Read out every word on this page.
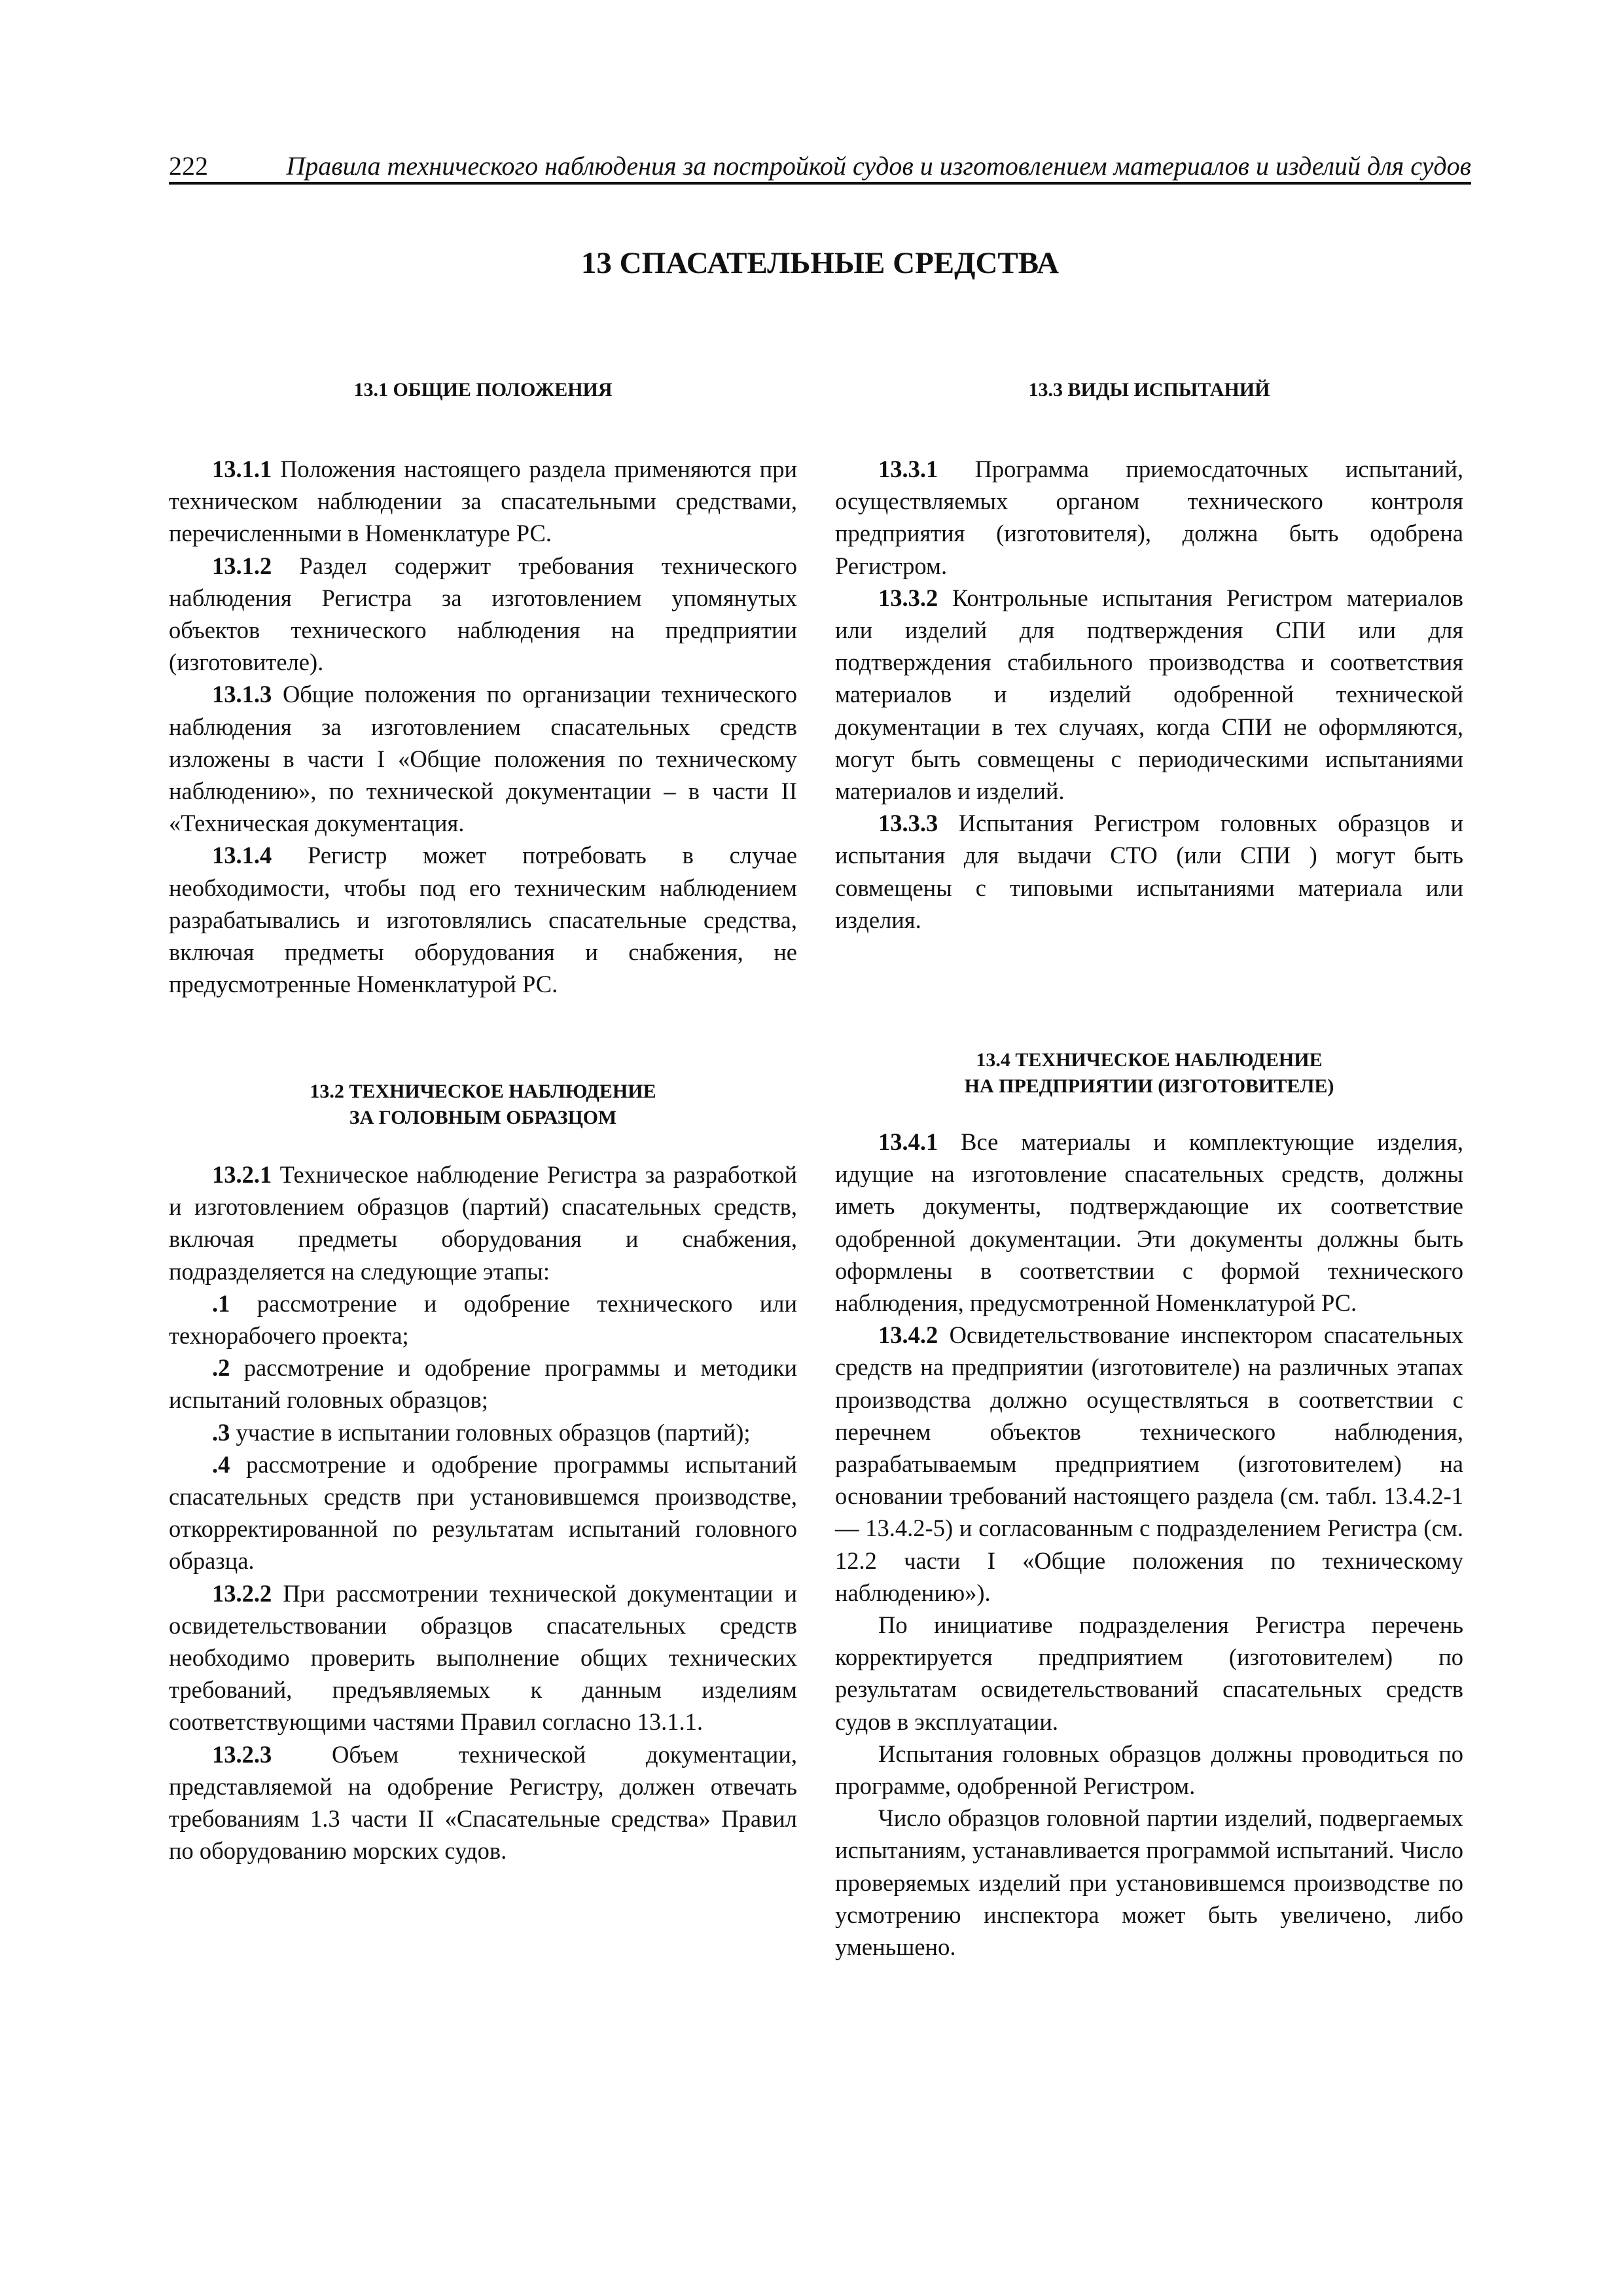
222	Правила технического наблюдения за постройкой судов и изготовлением материалов и изделий для судов
13 СПАСАТЕЛЬНЫЕ СРЕДСТВА
13.1 ОБЩИЕ ПОЛОЖЕНИЯ

13.1.1 Положения настоящего раздела применяются при техническом наблюдении за спасательными средствами, перечисленными в Номенклатуре РС.

13.1.2 Раздел содержит требования технического наблюдения Регистра за изготовлением упомянутых объектов технического наблюдения на предприятии (изготовителе).

13.1.3 Общие положения по организации технического наблюдения за изготовлением спасательных средств изложены в части I «Общие положения по техническому наблюдению», по технической документации – в части II «Техническая документация.

13.1.4 Регистр может потребовать в случае необходимости, чтобы под его техническим наблюдением разрабатывались и изготовлялись спасательные средства, включая предметы оборудования и снабжения, не предусмотренные Номенклатурой РС.

13.2 ТЕХНИЧЕСКОЕ НАБЛЮДЕНИЕ
ЗА ГОЛОВНЫМ ОБРАЗЦОМ

13.2.1 Техническое наблюдение Регистра за разработкой и изготовлением образцов (партий) спасательных средств, включая предметы оборудования и снабжения, подразделяется на следующие этапы:

.1 рассмотрение и одобрение технического или технорабочего проекта;

.2 рассмотрение и одобрение программы и методики испытаний головных образцов;

.3 участие в испытании головных образцов (партий);

.4 рассмотрение и одобрение программы испытаний спасательных средств при установившемся производстве, откорректированной по результатам испытаний головного образца.

13.2.2 При рассмотрении технической документации и освидетельствовании образцов спасательных средств необходимо проверить выполнение общих технических требований, предъявляемых к данным изделиям соответствующими частями Правил согласно 13.1.1.

13.2.3 Объем технической документации, представляемой на одобрение Регистру, должен отвечать требованиям 1.3 части II «Спасательные средства» Правил по оборудованию морских судов.

13.3 ВИДЫ ИСПЫТАНИЙ

13.3.1 Программа приемосдаточных испытаний, осуществляемых органом технического контроля предприятия (изготовителя), должна быть одобрена Регистром.

13.3.2 Контрольные испытания Регистром материалов или изделий для подтверждения СПИ или для подтверждения стабильного производства и соответствия материалов и изделий одобренной технической документации в тех случаях, когда СПИ не оформляются, могут быть совмещены с периодическими испытаниями материалов и изделий.

13.3.3 Испытания Регистром головных образцов и испытания для выдачи СТО (или СПИ ) могут быть совмещены с типовыми испытаниями материала или изделия.

13.4 ТЕХНИЧЕСКОЕ НАБЛЮДЕНИЕ
НА ПРЕДПРИЯТИИ (ИЗГОТОВИТЕЛЕ)

13.4.1 Все материалы и комплектующие изделия, идущие на изготовление спасательных средств, должны иметь документы, подтверждающие их соответствие одобренной документации. Эти документы должны быть оформлены в соответствии с формой технического наблюдения, предусмотренной Номенклатурой РС.

13.4.2 Освидетельствование инспектором спасательных средств на предприятии (изготовителе) на различных этапах производства должно осуществляться в соответствии с перечнем объектов технического наблюдения, разрабатываемым предприятием (изготовителем) на основании требований настоящего раздела (см. табл. 13.4.2-1 — 13.4.2-5) и согласованным с подразделением Регистра (см. 12.2 части I «Общие положения по техническому наблюдению»).

По инициативе подразделения Регистра перечень корректируется предприятием (изготовителем) по результатам освидетельствований спасательных средств судов в эксплуатации.

Испытания головных образцов должны проводиться по программе, одобренной Регистром.

Число образцов головной партии изделий, подвергаемых испытаниям, устанавливается программой испытаний. Число проверяемых изделий при установившемся производстве по усмотрению инспектора может быть увеличено, либо уменьшено.
